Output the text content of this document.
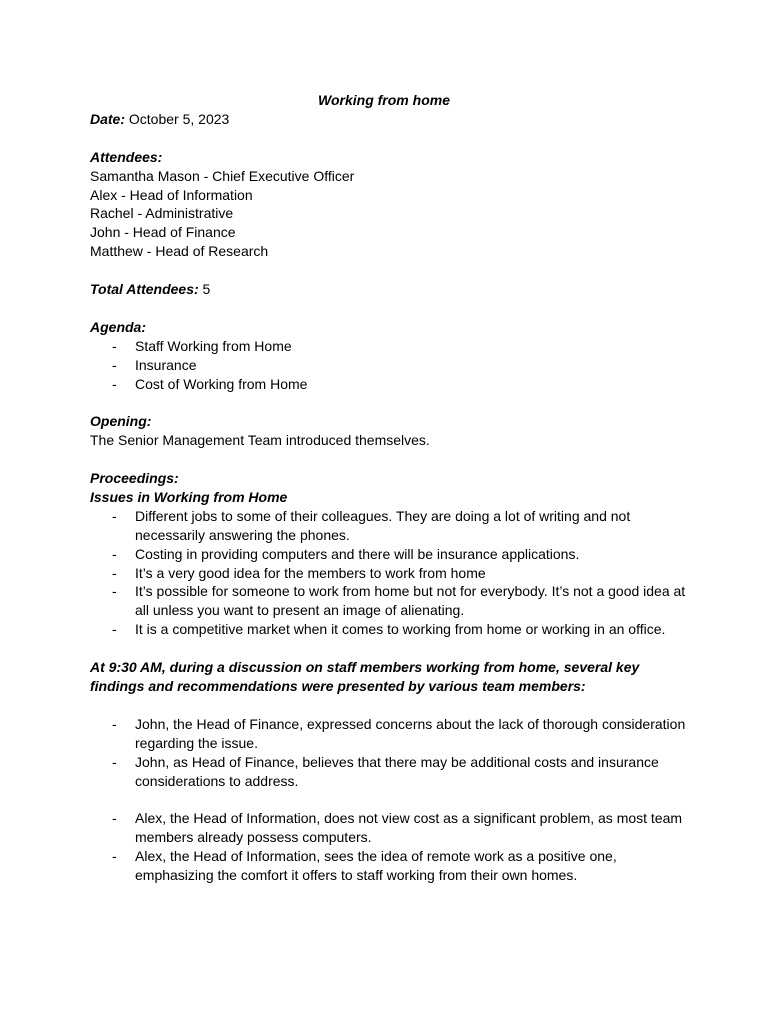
Working from home
Date: October 5, 2023
Attendees:
Samantha Mason - Chief Executive Officer
Alex - Head of Information
Rachel - Administrative
John - Head of Finance
Matthew - Head of Research
Total Attendees: 5
Agenda:
- Staff Working from Home
- Insurance
- Cost of Working from Home
Opening:
The Senior Management Team introduced themselves.
Proceedings:
Issues in Working from Home
- Different jobs to some of their colleagues. They are doing a lot of writing and not necessarily answering the phones.
- Costing in providing computers and there will be insurance applications.
- It’s a very good idea for the members to work from home
- It’s possible for someone to work from home but not for everybody. It’s not a good idea at all unless you want to present an image of alienating.
- It is a competitive market when it comes to working from home or working in an office.
At 9:30 AM, during a discussion on staff members working from home, several key findings and recommendations were presented by various team members:
- John, the Head of Finance, expressed concerns about the lack of thorough consideration regarding the issue.
- John, as Head of Finance, believes that there may be additional costs and insurance considerations to address.
- Alex, the Head of Information, does not view cost as a significant problem, as most team members already possess computers.
- Alex, the Head of Information, sees the idea of remote work as a positive one, emphasizing the comfort it offers to staff working from their own homes.
